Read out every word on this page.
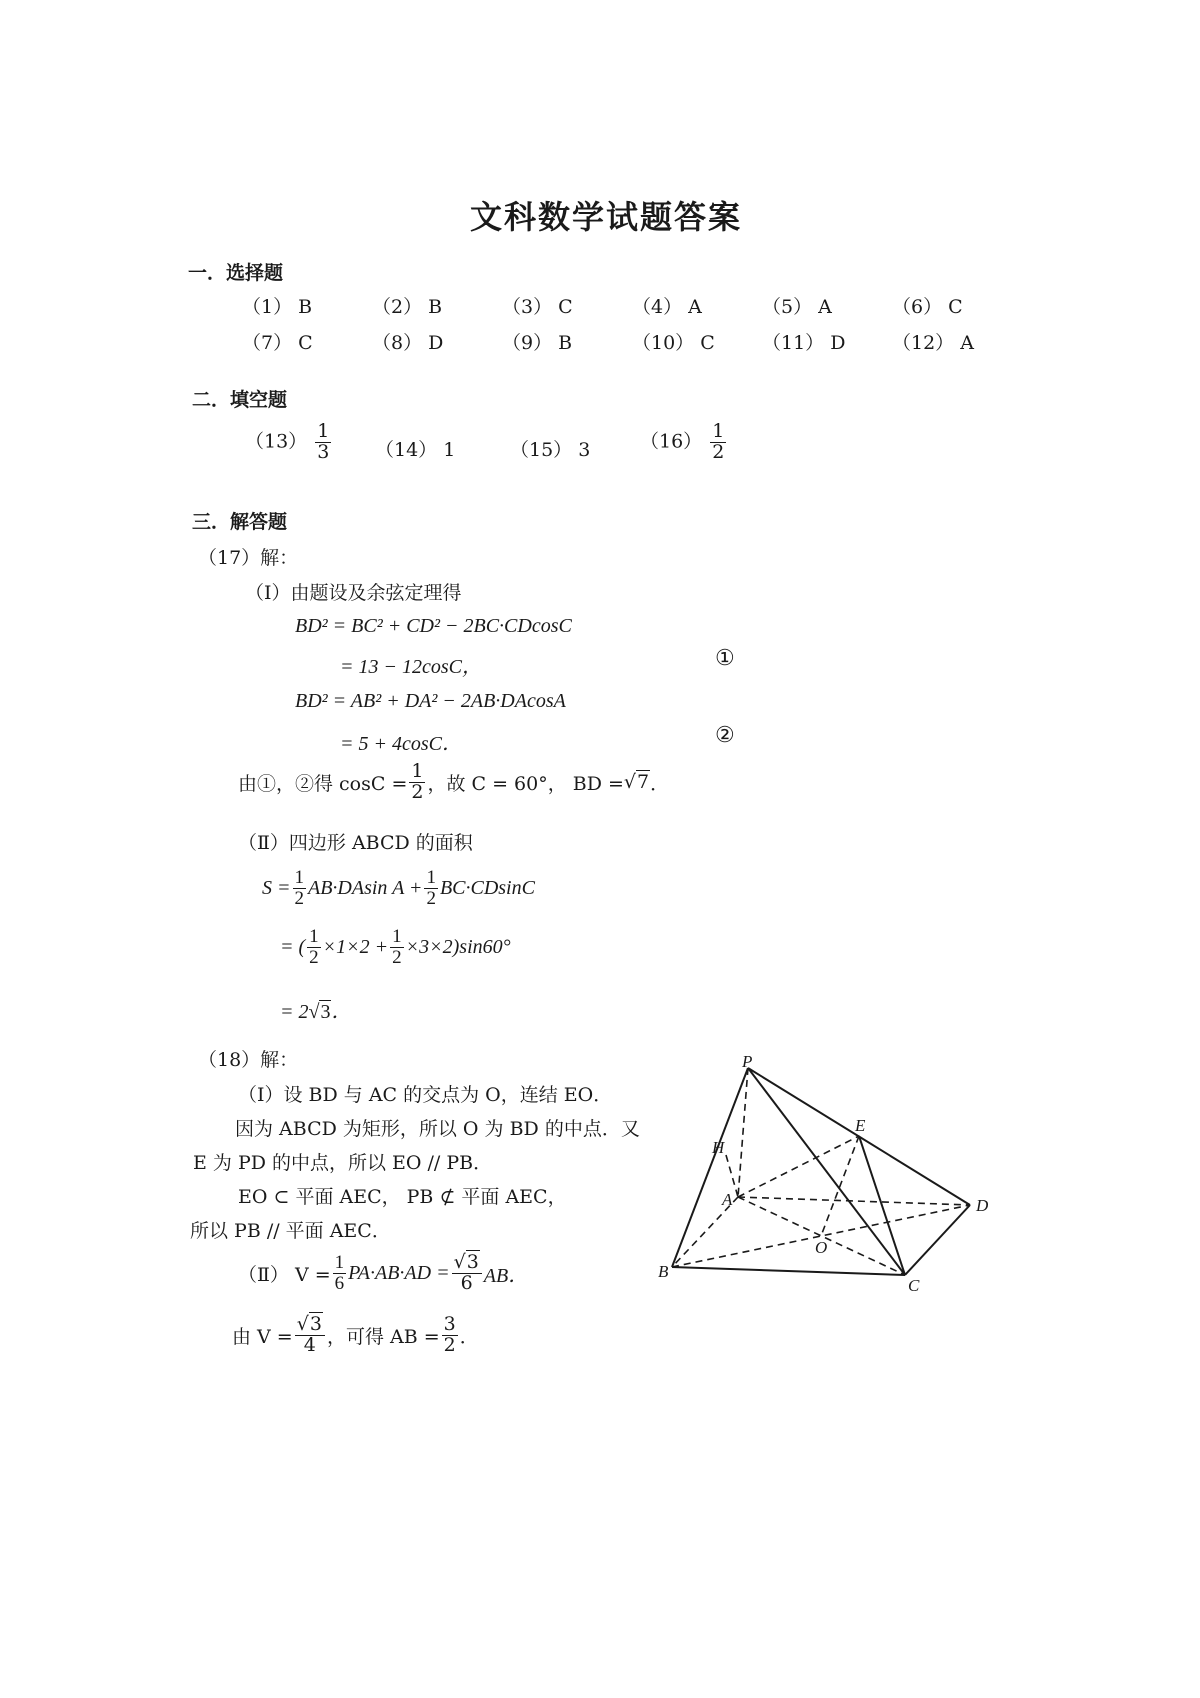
文科数学试题答案
一．选择题
（1） B	（2） B	（3） C	（4） A	（5） A	（6） C
（7） C	（8） D	（9） B	（10） C （11） D （12） A
二．填空题
$(13) \frac{1}{3} (14)$ 1	（15） 3	$(16) \frac{1}{2}$
三．解答题
（17）解：
（Ⅰ）由题设及余弦定理得
BD² = BC² + CD² − 2BC·CDcosC
= 13 − 12cosC，	①
BD² = AB² + DA² − 2AB·DAcosA
= 5 + 4cosC．	②
由①，②得 $\cos C = \frac{1}{2}$ ，故 C = 60°， BD = √7 ．
（Ⅱ）四边形 ABCD 的面积
$S = \frac{1}{2} AB\cdot DAsin$ $A + \frac{1}{2} BC\cdot CDsinC$
= ( $\frac{1}{2} \times 1\times 2 + \frac{1}{2} \times 3\times 2)\sin 60^\circ$
= 2√3．
（18）解：
（Ⅰ）设 BD 与 AC 的交点为 O，连结 EO．
因为 ABCD 为矩形，所以 O 为 BD 的中点．又
E 为 PD 的中点，所以 EO // PB．
EO ⊂ 平面 AEC， PB ⊄ 平面 AEC，
所以 PB // 平面 AEC．
（Ⅱ） $V = \frac{1}{6} PA\cdot AB\cdot AD = \frac{√3}{6}$ AB．
由 $V = \frac{√3}{4}$ ，可得 AB = $\frac{3}{2}$ ．
P
E
H
A	D
O
B
C
